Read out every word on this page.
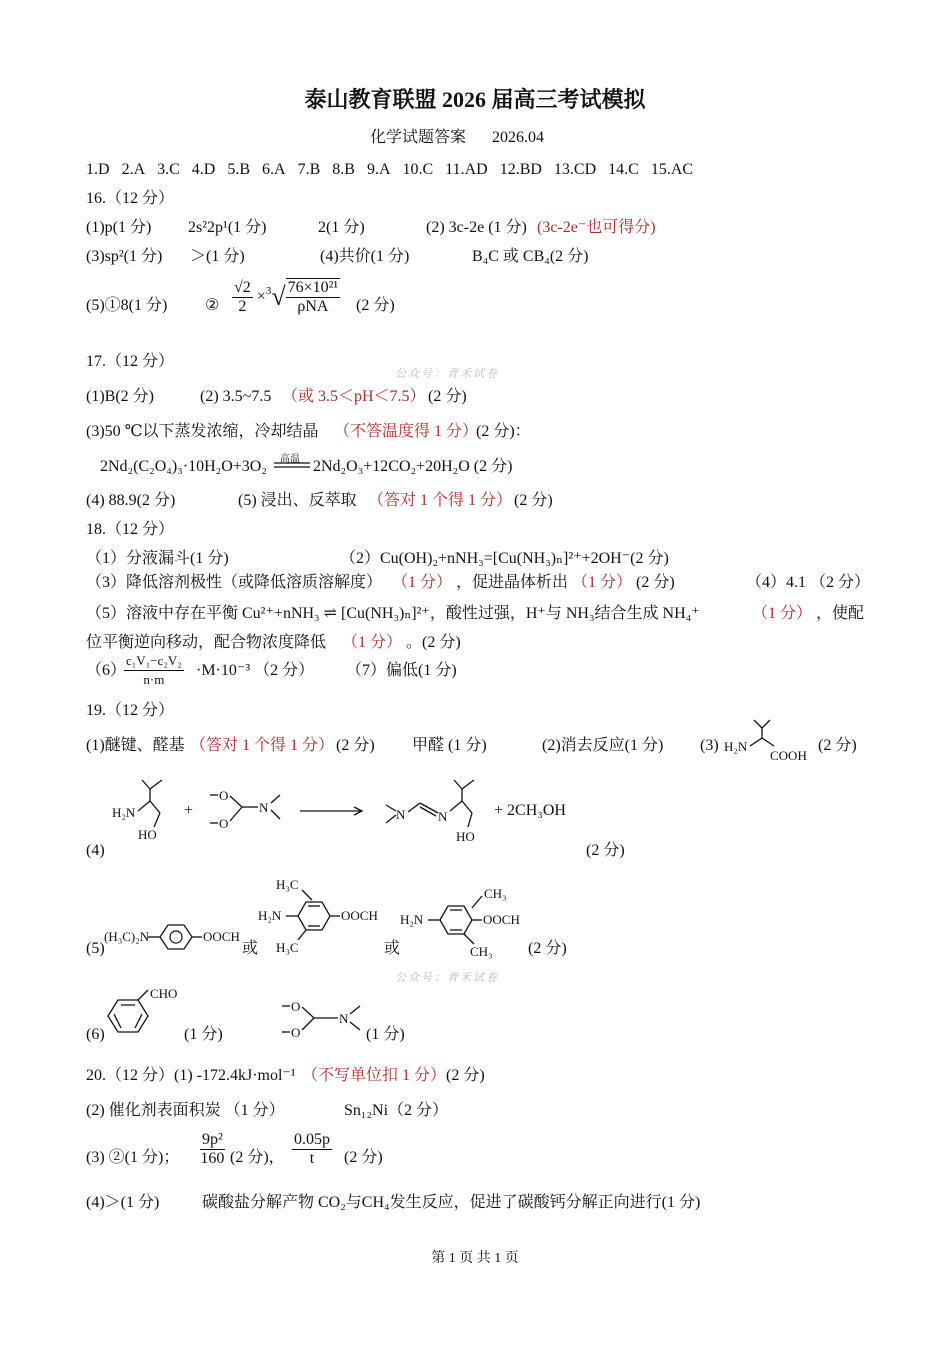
泰山教育联盟 2026 届高三考试模拟
化学试题答案 2026.04
1.D 2.A 3.C 4.D 5.B 6.A 7.B 8.B 9.A 10.C 11.AD 12.BD 13.CD 14.C 15.AC
16.（12 分）
(1)p(1 分) 2s²2p¹(1 分)	2(1 分)	(2) 3c-2e (1 分) (3c-2e⁻也可得分)
(3)sp²(1 分) ＞(1 分)	(4)共价(1 分)	B₄C 或 CB₄(2 分)
(5)①8(1 分) ② $\frac{√2}{2} \times^3√ \frac{\text{76×10²¹}}{\text{ρNA}} (2$ 分)
公众号：青禾试卷
17.（12 分）
(1)B(2 分)	(2) 3.5~7.5 （或 3.5＜pH＜7.5） (2 分)
(3)50 ℃以下蒸发浓缩，冷却结晶 （不答温度得 1 分）
(2 分)：
2Nd₂(C₂O₄)₃·10H₂O+3O₂ 高温 2Nd₂O₃+12CO₂+20H₂O (2 分)
(4) 88.9(2 分)	(5) 浸出、反萃取 （答对 1 个得 1 分） (2 分)
18.（12 分）
（1）分液漏斗(1 分)	（2）Cu(OH)₂+nNH₃=[Cu(NH₃)ₙ]²⁺+2OH⁻(2 分)
（3）降低溶剂极性（或降低溶质溶解度） （1 分） ，促进晶体析出 （1 分） (2 分)	（4）4.1 （2 分）
（5）溶液中存在平衡 Cu²⁺+nNH₃ ⇌ [Cu(NH₃)ₙ]²⁺，酸性过强，H⁺与 NH₃结合生成 NH₄⁺	（1 分） ，使配
位平衡逆向移动，配合物浓度降低 （1 分） 。(2 分)
（6）
$\frac{\text{c₁V₁−c₂V₂}}{n\cdot m} \cdot M\cdot 10^{-3}$ （2 分） （7）偏低(1 分)
19.（12 分）
(1)醚键、醛基 （答对 1 个得 1 分） (2 分) 甲醛 (1 分)	(2)消去反应(1 分) (3) H₂N
COOH
(2 分)
H₂N
HO
+
O
O
N	N	N
HO
+ 2CH₃OH
(4)	(2 分)
(5)
(H₃C)₂N	OOCH
或
H₃C
H₂N	OOCH
H₃C	或
CH₃
H₂N	OOCH
CH₃ (2 分)
公众号：青禾试卷
(6)
CHO
(1 分)
O
O
N
(1 分)
20.（12 分）(1) -172.4kJ·mol⁻¹ （不写单位扣 1 分） (2 分)
(2) 催化剂表面积炭 （1 分）	Sn₁₂Ni（2 分）
(3) ②(1 分)； $\frac{\text{9p²}}{160} (2$ 分)， $\frac{0.05p}{t} (2$ 分)
(4)＞(1 分)	碳酸盐分解产物 CO₂与CH₄发生反应，促进了碳酸钙分解正向进行(1 分)
第 1 页 共 1 页
